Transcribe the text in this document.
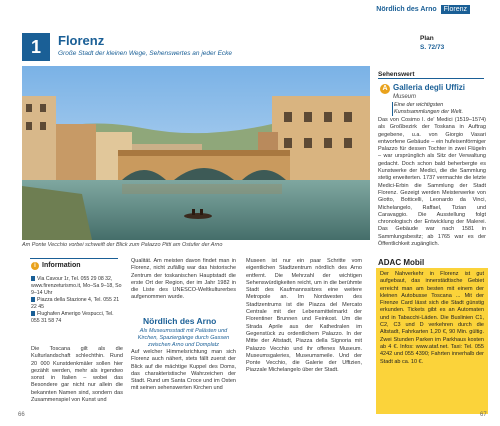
Nördlich des Arno Florenz
1	Florenz
Große Stadt der kleinen Wege, Sehenswertes an jeder Ecke
Plan
S. 72/73
Am Ponte Vecchio vorbei schweift der Blick zum Palazzo Pitti am Ostufer der Arno
Sehenswert
A Galleria degli Uffizi
Museum
Eine der wichtigsten Kunstsammlungen der Welt.
Das von Cosimo I. de' Medici (1519–1574) als Großbezirk der Toskana in Auftrag gegebene, u.a. von Giorgio Vasari entworfene Gebäude – ein hufeisenförmiger Palazzo für dessen Tochter in zwei Flügeln – war ursprünglich als Sitz der Verwaltung gedacht. Doch schon bald beherbergte es Kunstwerke der Medici, die die Sammlung stetig erweiterten. 1737 vermachte die letzte Medici-Erbin die Sammlung der Stadt Florenz. Gezeigt werden Meisterwerke von Giotto, Botticelli, Leonardo da Vinci, Michelangelo, Raffael, Tizian und Caravaggio. Die Ausstellung folgt chronologisch der Entwicklung der Malerei. Das Gebäude war nach 1581 in Sammlungsbesitz; ab 1765 war es der Öffentlichkeit zugänglich.
ADAC Mobil
Der Nahverkehr in Florenz ist gut aufgebaut, das innerstädtische Gebiet erreicht man am besten mit einem der kleinen Autobusse Toscana ... Mit der Firenze Card lässt sich die Stadt günstig erkunden. Tickets gibt es an Automaten und in Tabacchi-Läden. Die Buslinien C1, C2, C3 und D verkehren durch die Altstadt, Fahrkarten 1,20 €, 90 Min. gültig. Zwei Stunden Parken im Parkhaus kosten ab 4 €. Infos: www.ataf.net. Taxi: Tel. 055 4242 und 055 4390; Fahrten innerhalb der Stadt ab ca. 10 €.
i Information
Via Cavour 1r, Tel. 055 29 08 32, www.firenzeturismo.it, Mo–Sa 9–18, So 9–14 Uhr
Piazza della Stazione 4, Tel. 055 21 22 45
Flughafen Amerigo Vespucci, Tel. 055 31 58 74
Die Toscana gilt als die Kulturlandschaft schlechthin. Rund 20 000 Kunstdenkmäler sollen hier gezählt werden, mehr als irgendwo sonst in Italien – wobei das Besondere gar nicht nur allein die bekannten Namen sind, sondern das Zusammenspiel von Kunst und
Qualität. Am meisten davon findet man in Florenz, nicht zufällig war das historische Zentrum der toskanischen Hauptstadt die erste Ort der Region, der im Jahr 1982 in die Liste des UNESCO-Weltkulturerbes aufgenommen wurde.
Nördlich des Arno
Als Museumsstadt mit Palästen und Kirchen, Spaziergänge durch Gassen zwischen Arno und Domplatz
Auf welcher Himmelsrichtung man sich Florenz auch nähert, stets fällt zuerst der Blick auf die mächtige Kuppel des Doms, das charakteristische Wahrzeichen der Stadt. Rund um Santa Croce und im Osten mit seinen sehenswerten Kirchen und
Museen ist nur ein paar Schritte vom eigentlichen Stadtzentrum nördlich des Arno entfernt. Die Mehrzahl der wichtigen Sehenswürdigkeiten reicht, um in die berühmte Stadt des Kaufmannssitzes eine weitere Metropole an. Im Nordwesten des Stadtzentrums ist die Piazza del Mercato Centrale mit der Lebensmittelmarkt der Florentiner Brunnen und Feinkost. Um die Strada Aprile aus der Kathedralen im Gegenstück zu ordentlichem Palazzo. In der Mitte der Altstadt, Piazza della Signoria mit Palazzo Vecchio und ihr offenes Museum. Museumsgaleries, Museumsmeile. Und der Ponte Vecchio, die Galerie der Uffizien, Piazzale Michelangelo über der Stadt.
66	67
